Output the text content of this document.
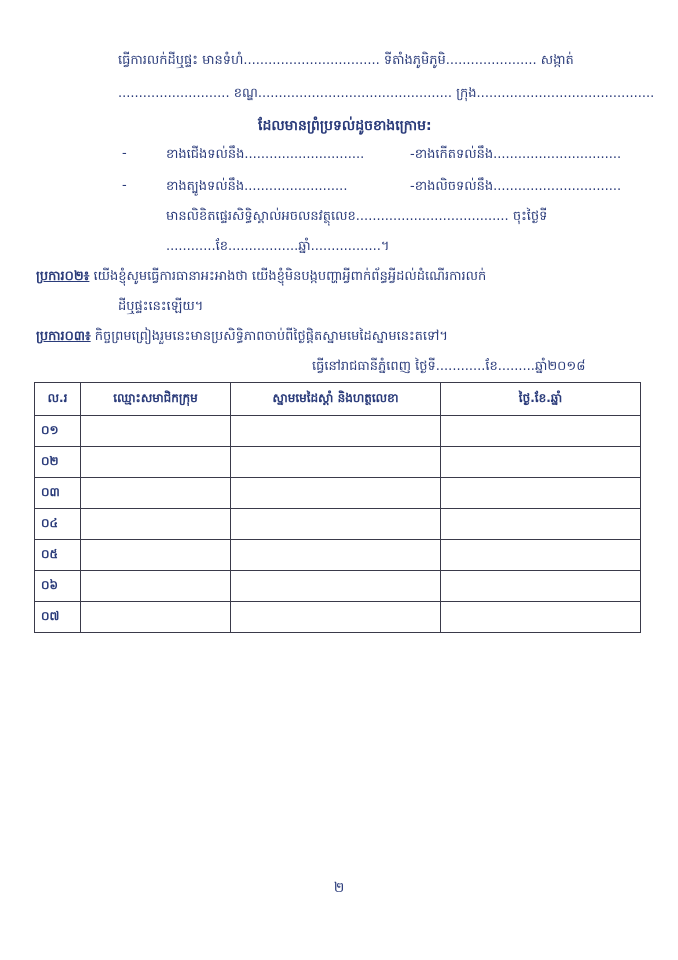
ធ្វើការលក់ដីឬផ្ទះ មានទំហំ................................. ទីតាំងភូមិភូមិ...................... សង្កាត់
........................... ខណ្ឌ............................................... ក្រុង...........................................
ដែលមានព្រំប្រទល់ដូចខាងក្រោម:
-	ខាងជើងទល់នឹង.............................	-ខាងកើតទល់នឹង...............................
-	ខាងត្បូងទល់នឹង.........................	-ខាងលិចទល់នឹង...............................
មានលិខិតផ្ទេរសិទ្ធិស្គាល់អចលនវត្ថុលេខ..................................... ចុះថ្ងៃទី
............ខែ.................ឆ្នាំ.................។
ប្រការ០២៖ យើងខ្ញុំសូមធ្វើការធានាអះអាងថា យើងខ្ញុំមិនបង្កបញ្ហាអ្វីពាក់ព័ន្ធអ្វីដល់ដំណើរការលក់
ដីឬផ្ទះនេះឡើយ។
ប្រការ០៣៖ កិច្ចព្រមព្រៀងរួមនេះមានប្រសិទ្ធិភាពចាប់ពីថ្ងៃផ្តិតស្នាមមេដៃស្នាមនេះតទៅ។
ធ្វើនៅរាជធានីភ្នំពេញ ថ្ងៃទី............ខែ.........ឆ្នាំ២០១៨
ល.រ	ឈ្មោះសមាជិកក្រុម	ស្នាមមេដៃស្តាំ និងហត្ថលេខា	ថ្ងៃ.ខែ.ឆ្នាំ
០១			
០២			
០៣			
០៤			
០៥			
០៦			
០៧			
២
